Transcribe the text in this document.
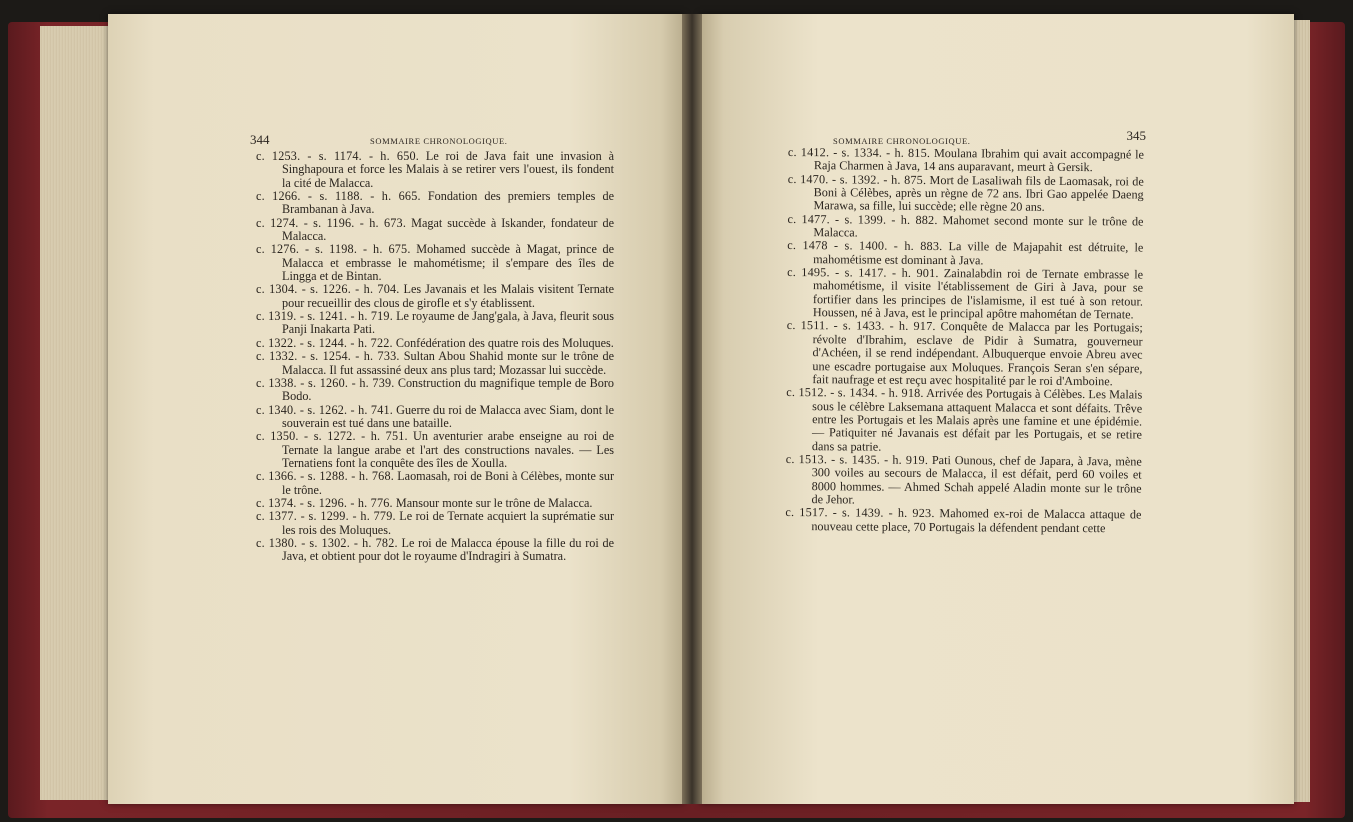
344	SOMMAIRE CHRONOLOGIQUE.

c. 1253. - s. 1174. - h. 650. Le roi de Java fait une invasion à Singhapoura et force les Malais à se retirer vers l'ouest, ils fondent la cité de Malacca.

c. 1266. - s. 1188. - h. 665. Fondation des premiers temples de Brambanan à Java.

c. 1274. - s. 1196. - h. 673. Magat succède à Iskander, fondateur de Malacca.

c. 1276. - s. 1198. - h. 675. Mohamed succède à Magat, prince de Malacca et embrasse le mahométisme; il s'empare des îles de Lingga et de Bintan.

c. 1304. - s. 1226. - h. 704. Les Javanais et les Malais visitent Ternate pour recueillir des clous de girofle et s'y établissent.

c. 1319. - s. 1241. - h. 719. Le royaume de Jang'gala, à Java, fleurit sous Panji Inakarta Pati.

c. 1322. - s. 1244. - h. 722. Confédération des quatre rois des Moluques.

c. 1332. - s. 1254. - h. 733. Sultan Abou Shahid monte sur le trône de Malacca. Il fut assassiné deux ans plus tard; Mozassar lui succède.

c. 1338. - s. 1260. - h. 739. Construction du magnifique temple de Boro Bodo.

c. 1340. - s. 1262. - h. 741. Guerre du roi de Malacca avec Siam, dont le souverain est tué dans une bataille.

c. 1350. - s. 1272. - h. 751. Un aventurier arabe enseigne au roi de Ternate la langue arabe et l'art des constructions navales. — Les Ternatiens font la conquête des îles de Xoulla.

c. 1366. - s. 1288. - h. 768. Laomasah, roi de Boni à Célèbes, monte sur le trône.

c. 1374. - s. 1296. - h. 776. Mansour monte sur le trône de Malacca.

c. 1377. - s. 1299. - h. 779. Le roi de Ternate acquiert la suprématie sur les rois des Moluques.

c. 1380. - s. 1302. - h. 782. Le roi de Malacca épouse la fille du roi de Java, et obtient pour dot le royaume d'Indragiri à Sumatra.

SOMMAIRE CHRONOLOGIQUE.	345

c. 1412. - s. 1334. - h. 815. Moulana Ibrahim qui avait accompagné le Raja Charmen à Java, 14 ans auparavant, meurt à Gersik.

c. 1470. - s. 1392. - h. 875. Mort de Lasaliwah fils de Laomasak, roi de Boni à Célèbes, après un règne de 72 ans. Ibri Gao appelée Daeng Marawa, sa fille, lui succède; elle règne 20 ans.

c. 1477. - s. 1399. - h. 882. Mahomet second monte sur le trône de Malacca.

c. 1478 - s. 1400. - h. 883. La ville de Majapahit est détruite, le mahométisme est dominant à Java.

c. 1495. - s. 1417. - h. 901. Zainalabdin roi de Ternate embrasse le mahométisme, il visite l'établissement de Giri à Java, pour se fortifier dans les principes de l'islamisme, il est tué à son retour. Houssen, né à Java, est le principal apôtre mahométan de Ternate.

c. 1511. - s. 1433. - h. 917. Conquête de Malacca par les Portugais; révolte d'Ibrahim, esclave de Pidir à Sumatra, gouverneur d'Achéen, il se rend indépendant. Albuquerque envoie Abreu avec une escadre portugaise aux Moluques. François Seran s'en sépare, fait naufrage et est reçu avec hospitalité par le roi d'Amboine.

c. 1512. - s. 1434. - h. 918. Arrivée des Portugais à Célèbes. Les Malais sous le célèbre Laksemana attaquent Malacca et sont défaits. Trêve entre les Portugais et les Malais après une famine et une épidémie. — Patiquiter né Javanais est défait par les Portugais, et se retire dans sa patrie.

c. 1513. - s. 1435. - h. 919. Pati Ounous, chef de Japara, à Java, mène 300 voiles au secours de Malacca, il est défait, perd 60 voiles et 8000 hommes. — Ahmed Schah appelé Aladin monte sur le trône de Jehor.

c. 1517. - s. 1439. - h. 923. Mahomed ex-roi de Malacca attaque de nouveau cette place, 70 Portugais la défendent pendant cette
